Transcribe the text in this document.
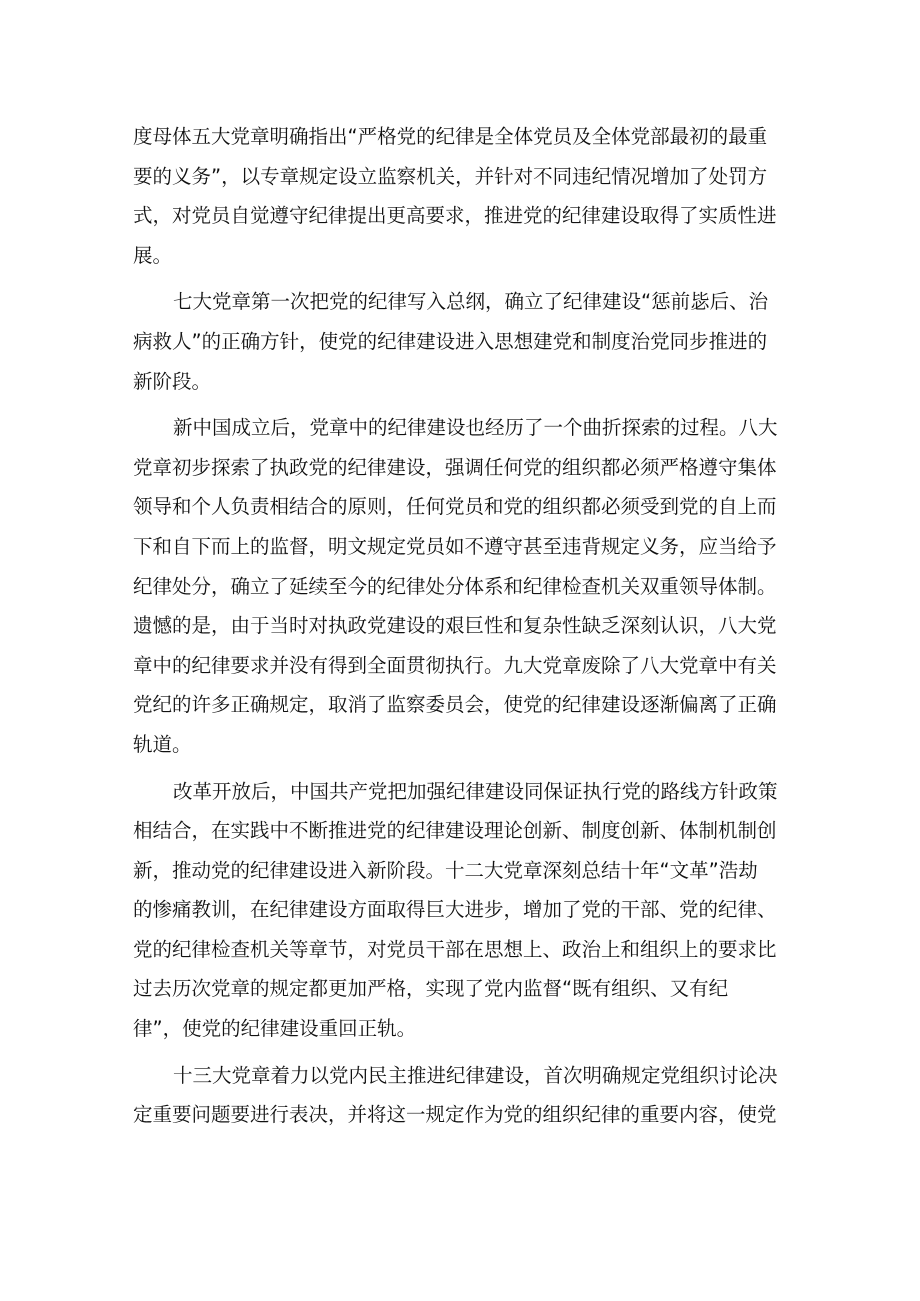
度母体五大党章明确指出“严格党的纪律是全体党员及全体党部最初的最重
要的义务”，以专章规定设立监察机关，并针对不同违纪情况增加了处罚方
式，对党员自觉遵守纪律提出更高要求，推进党的纪律建设取得了实质性进
展。
七大党章第一次把党的纪律写入总纲，确立了纪律建设“惩前毖后、治
病救人”的正确方针，使党的纪律建设进入思想建党和制度治党同步推进的
新阶段。
新中国成立后，党章中的纪律建设也经历了一个曲折探索的过程。八大
党章初步探索了执政党的纪律建设，强调任何党的组织都必须严格遵守集体
领导和个人负责相结合的原则，任何党员和党的组织都必须受到党的自上而
下和自下而上的监督，明文规定党员如不遵守甚至违背规定义务，应当给予
纪律处分，确立了延续至今的纪律处分体系和纪律检查机关双重领导体制。
遗憾的是，由于当时对执政党建设的艰巨性和复杂性缺乏深刻认识，八大党
章中的纪律要求并没有得到全面贯彻执行。九大党章废除了八大党章中有关
党纪的许多正确规定，取消了监察委员会，使党的纪律建设逐渐偏离了正确
轨道。
改革开放后，中国共产党把加强纪律建设同保证执行党的路线方针政策
相结合，在实践中不断推进党的纪律建设理论创新、制度创新、体制机制创
新，推动党的纪律建设进入新阶段。十二大党章深刻总结十年“文革”浩劫
的惨痛教训，在纪律建设方面取得巨大进步，增加了党的干部、党的纪律、
党的纪律检查机关等章节，对党员干部在思想上、政治上和组织上的要求比
过去历次党章的规定都更加严格，实现了党内监督“既有组织、又有纪
律”，使党的纪律建设重回正轨。
十三大党章着力以党内民主推进纪律建设，首次明确规定党组织讨论决
定重要问题要进行表决，并将这一规定作为党的组织纪律的重要内容，使党
